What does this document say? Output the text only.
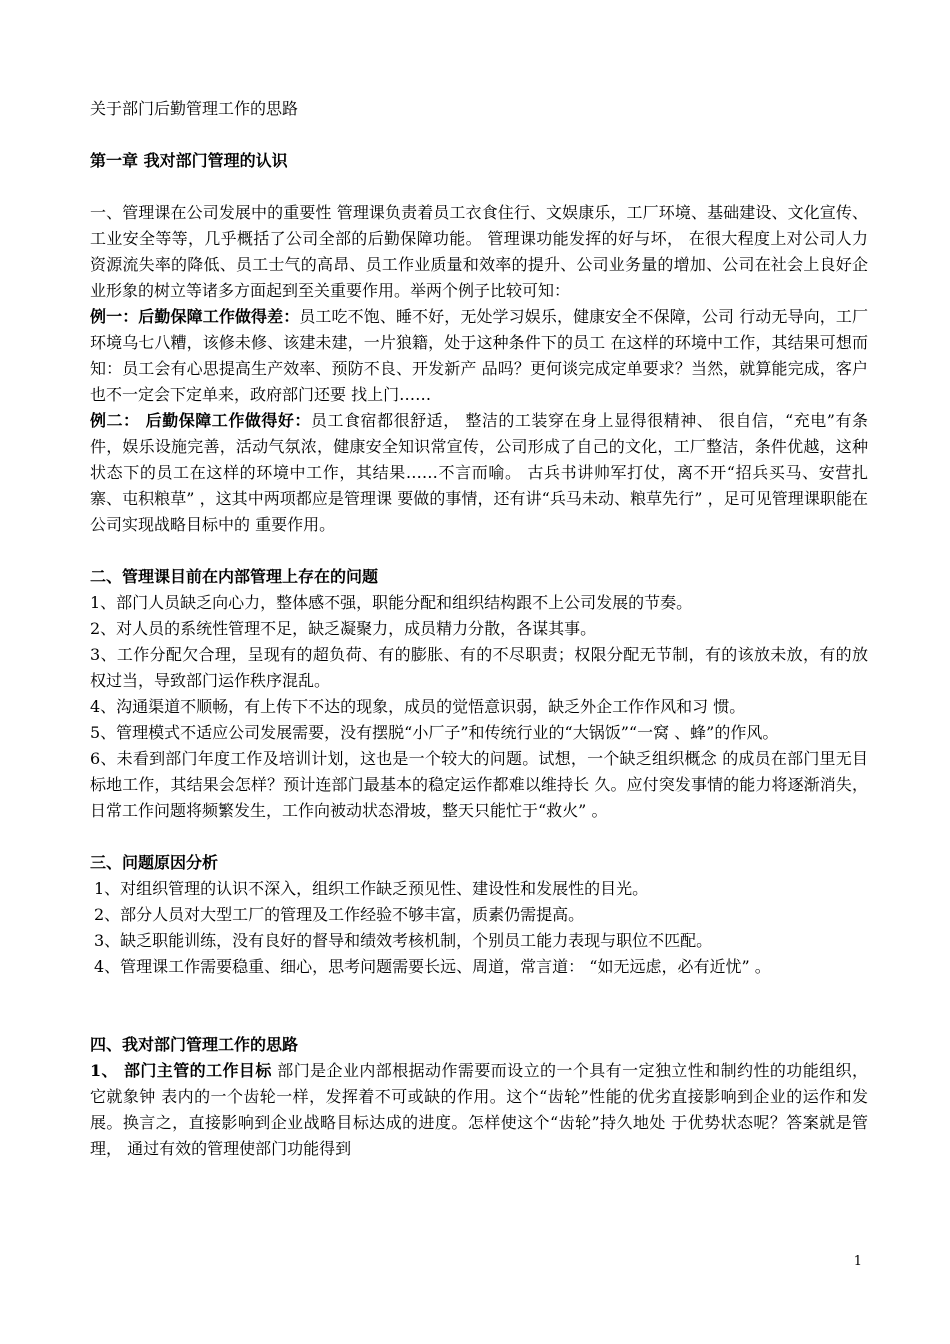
关于部门后勤管理工作的思路

第一章 我对部门管理的认识

一、管理课在公司发展中的重要性 管理课负责着员工衣食住行、文娱康乐，工厂环境、基础建设、文化宣传、工业安全等等，几乎概括了公司全部的后勤保障功能。 管理课功能发挥的好与坏， 在很大程度上对公司人力资源流失率的降低、员工士气的高昂、员工作业质量和效率的提升、公司业务量的增加、公司在社会上良好企业形象的树立等诸多方面起到至关重要作用。举两个例子比较可知：

例一：后勤保障工作做得差：员工吃不饱、睡不好，无处学习娱乐，健康安全不保障，公司 行动无导向，工厂环境乌七八糟，该修未修、该建未建，一片狼籍，处于这种条件下的员工 在这样的环境中工作，其结果可想而知：员工会有心思提高生产效率、预防不良、开发新产 品吗？更何谈完成定单要求？当然，就算能完成，客户也不一定会下定单来，政府部门还要 找上门……

例二： 后勤保障工作做得好：员工食宿都很舒适， 整洁的工装穿在身上显得很精神、 很自信，“充电”有条件，娱乐设施完善，活动气氛浓，健康安全知识常宣传，公司形成了自己的文化，工厂整洁，条件优越，这种状态下的员工在这样的环境中工作，其结果……不言而喻。 古兵书讲帅军打仗，离不开“招兵买马、安营扎寨、屯积粮草” ，这其中两项都应是管理课 要做的事情，还有讲“兵马未动、粮草先行” ，足可见管理课职能在公司实现战略目标中的 重要作用。

二、管理课目前在内部管理上存在的问题

1、部门人员缺乏向心力，整体感不强，职能分配和组织结构跟不上公司发展的节奏。
2、对人员的系统性管理不足，缺乏凝聚力，成员精力分散，各谋其事。
3、工作分配欠合理，呈现有的超负荷、有的膨胀、有的不尽职责；权限分配无节制，有的该放未放，有的放权过当，导致部门运作秩序混乱。
4、沟通渠道不顺畅，有上传下不达的现象，成员的觉悟意识弱，缺乏外企工作作风和习 惯。
5、管理模式不适应公司发展需要，没有摆脱“小厂子”和传统行业的“大锅饭”“一窝 、蜂”的作风。
6、未看到部门年度工作及培训计划，这也是一个较大的问题。试想，一个缺乏组织概念 的成员在部门里无目标地工作，其结果会怎样？预计连部门最基本的稳定运作都难以维持长 久。应付突发事情的能力将逐渐消失，日常工作问题将频繁发生，工作向被动状态滑坡，整天只能忙于“救火” 。

三、问题原因分析

1、对组织管理的认识不深入，组织工作缺乏预见性、建设性和发展性的目光。
2、部分人员对大型工厂的管理及工作经验不够丰富，质素仍需提高。
3、缺乏职能训练，没有良好的督导和绩效考核机制，个别员工能力表现与职位不匹配。
4、管理课工作需要稳重、细心，思考问题需要长远、周道，常言道： “如无远虑，必有近忧” 。

四、我对部门管理工作的思路

1、 部门主管的工作目标 部门是企业内部根据动作需要而设立的一个具有一定独立性和制约性的功能组织， 它就象钟 表内的一个齿轮一样，发挥着不可或缺的作用。这个“齿轮”性能的优劣直接影响到企业的运作和发展。换言之，直接影响到企业战略目标达成的进度。怎样使这个“齿轮”持久地处 于优势状态呢？答案就是管理， 通过有效的管理使部门功能得到

1
